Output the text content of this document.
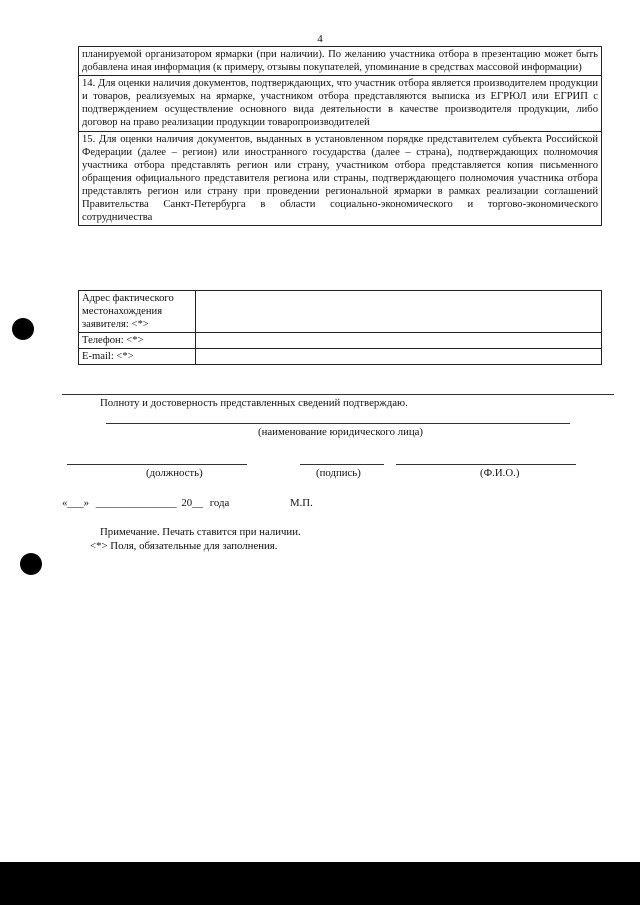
4
планируемой организатором ярмарки (при наличии). По желанию участника отбора в презентацию может быть добавлена иная информация (к примеру, отзывы покупателей, упоминание в средствах массовой информации)
14. Для оценки наличия документов, подтверждающих, что участник отбора является производителем продукции и товаров, реализуемых на ярмарке, участником отбора представляются выписка из ЕГРЮЛ или ЕГРИП с подтверждением осуществление основного вида деятельности в качестве производителя продукции, либо договор на право реализации продукции товаропроизводителей
15. Для оценки наличия документов, выданных в установленном порядке представителем субъекта Российской Федерации (далее – регион) или иностранного государства (далее – страна), подтверждающих полномочия участника отбора представлять регион или страну, участником отбора представляется копия письменного обращения официального представителя региона или страны, подтверждающего полномочия участника отбора представлять регион или страну при проведении региональной ярмарки в рамках реализации соглашений Правительства Санкт-Петербурга в области социально-экономического и торгово-экономического сотрудничества
Адрес фактического местонахождения заявителя: <*>	
Телефон: <*>	
E-mail: <*>	
Полноту и достоверность представленных сведений подтверждаю.
(наименование юридического лица)
(должность)	(подпись)	(Ф.И.О.)
«___» _______________ 20__ года	М.П.
Примечание. Печать ставится при наличии.
<*> Поля, обязательные для заполнения.
